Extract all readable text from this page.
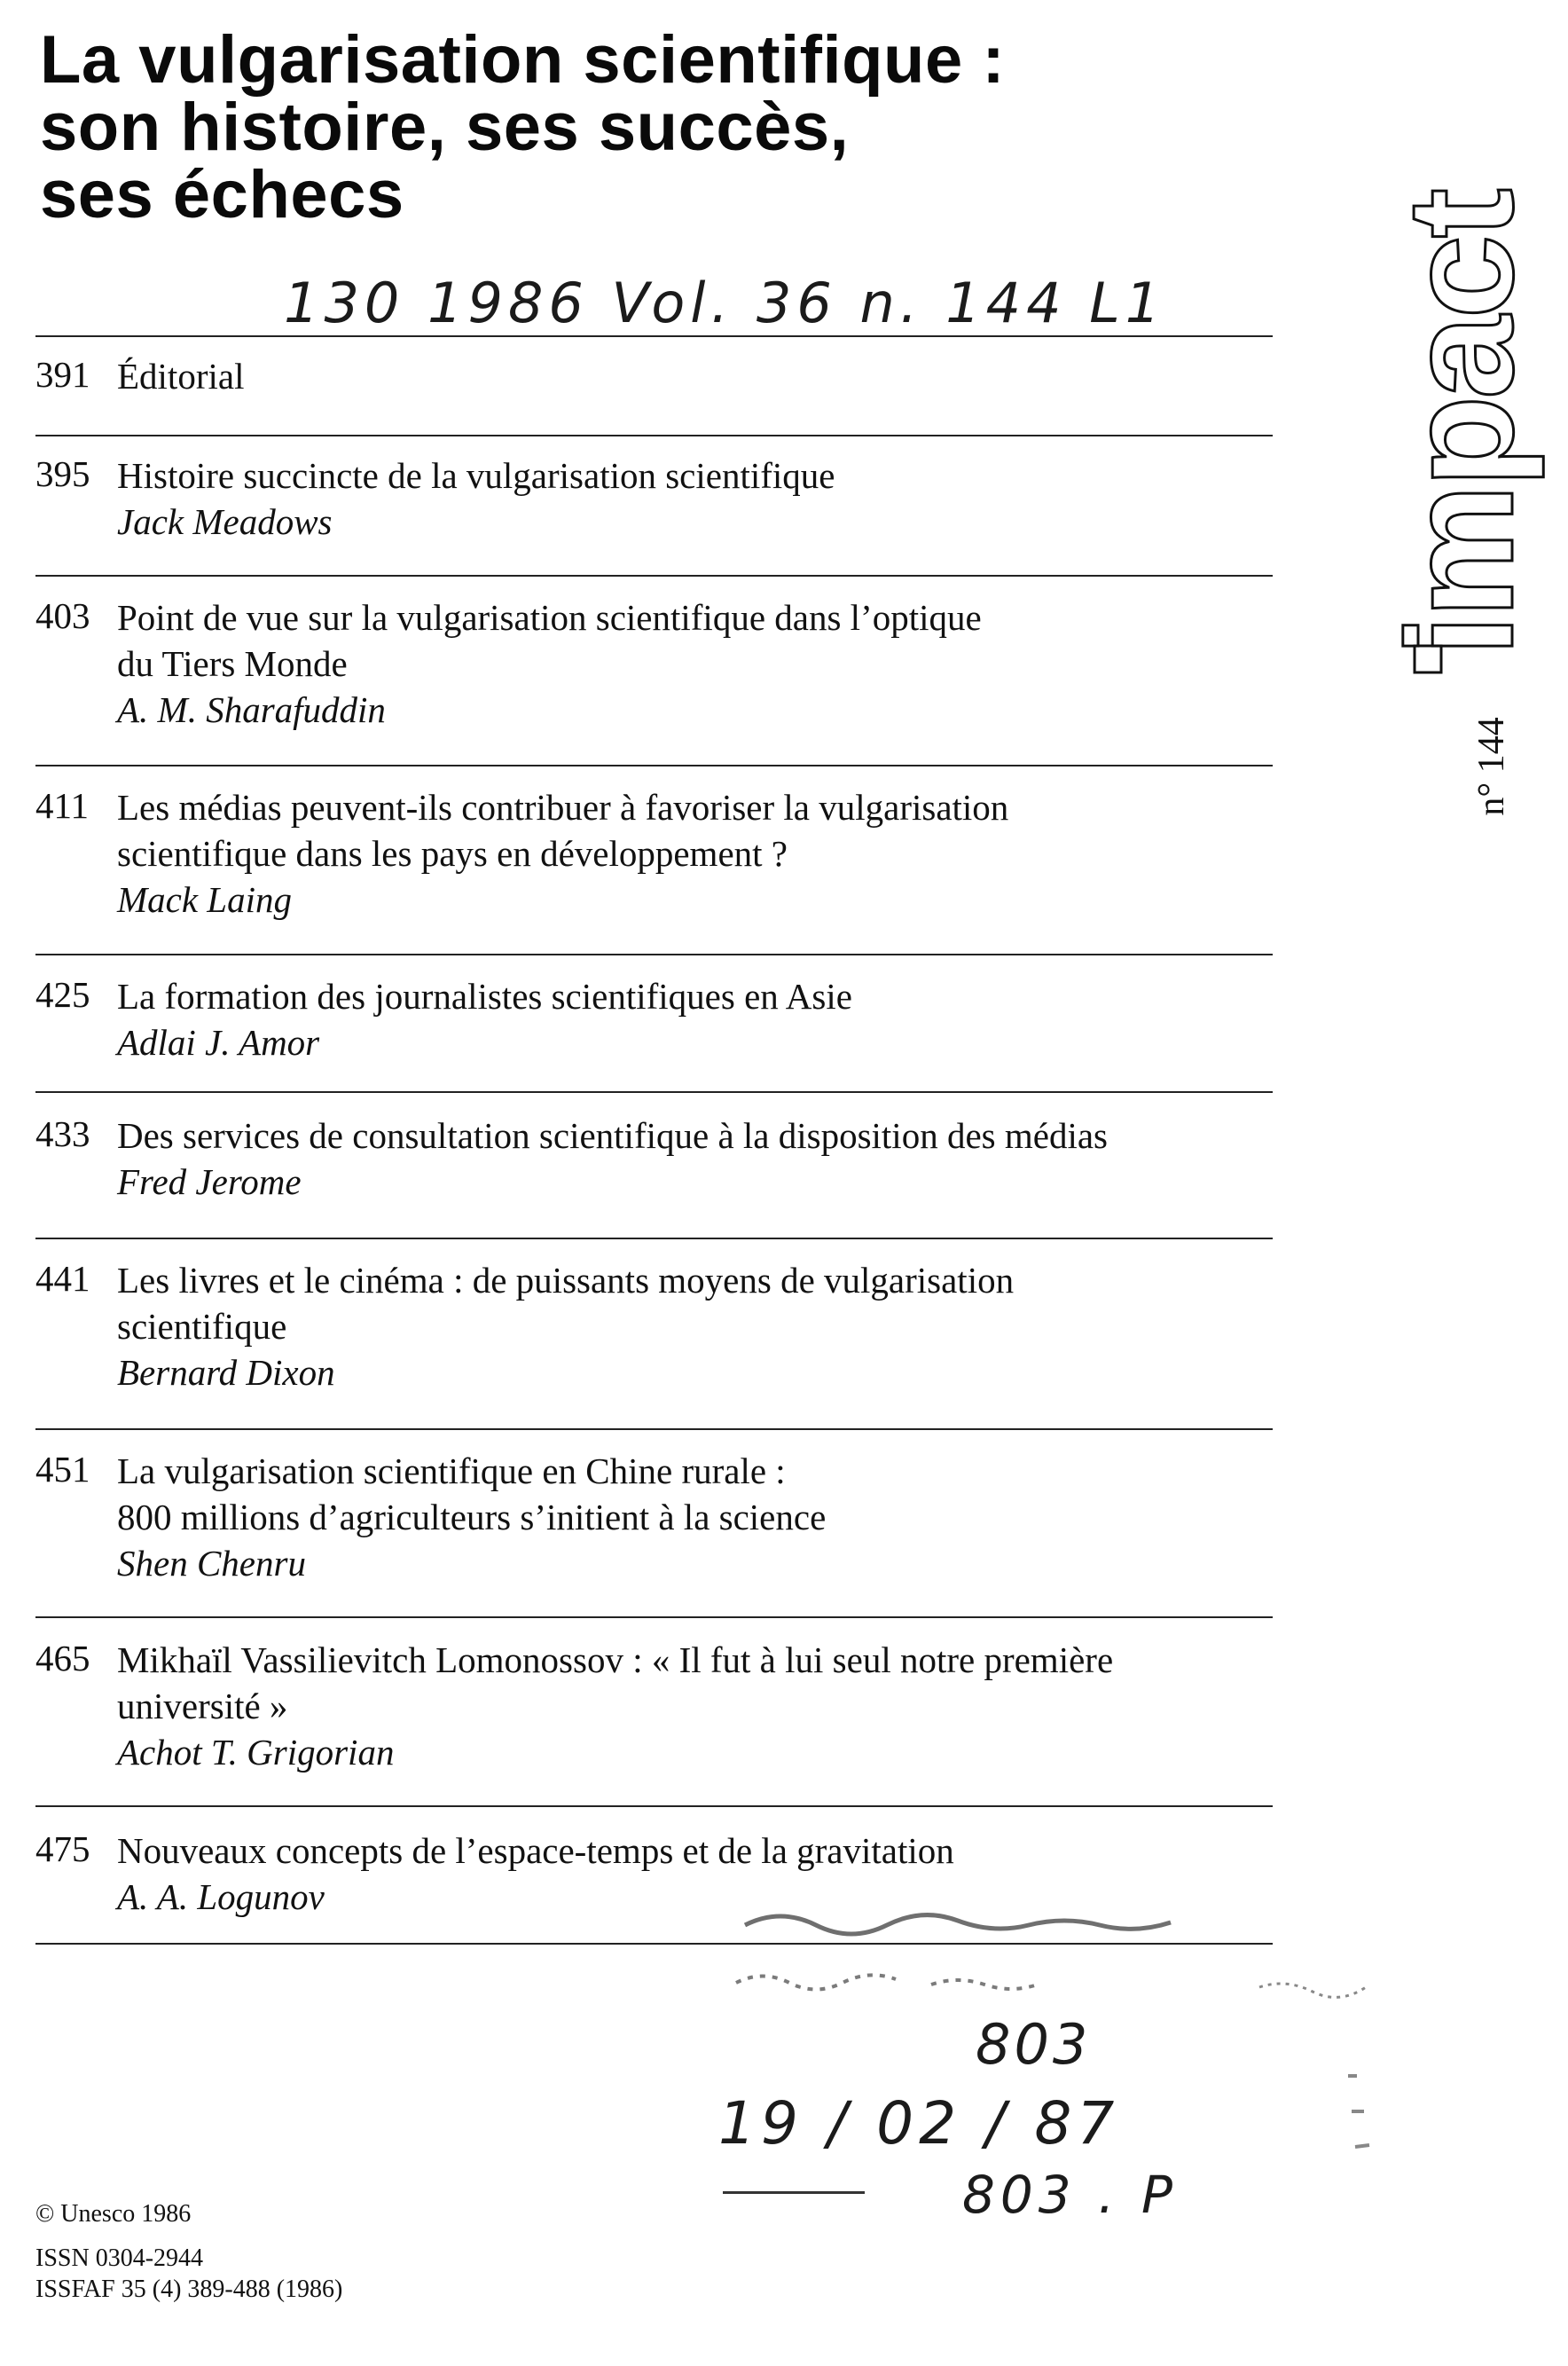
La vulgarisation scientifique :
son histoire, ses succès,
ses échecs
130 1986 Vol. 36 n. 144 L1 impact
n° 144
391 Éditorial
395 Histoire succincte de la vulgarisation scientifique
Jack Meadows
403 Point de vue sur la vulgarisation scientifique dans l’optique
du Tiers Monde
A. M. Sharafuddin
411 Les médias peuvent-ils contribuer à favoriser la vulgarisation
scientifique dans les pays en développement ?
Mack Laing
425 La formation des journalistes scientifiques en Asie
Adlai J. Amor
433 Des services de consultation scientifique à la disposition des médias
Fred Jerome
441 Les livres et le cinéma : de puissants moyens de vulgarisation
scientifique
Bernard Dixon
451 La vulgarisation scientifique en Chine rurale :
800 millions d’agriculteurs s’initient à la science
Shen Chenru
465 Mikhaïl Vassilievitch Lomonossov : « Il fut à lui seul notre première
université »
Achot T. Grigorian
475 Nouveaux concepts de l’espace-temps et de la gravitation
A. A. Logunov
803
19 / 02 / 87
803 . P
© Unesco 1986
ISSN 0304-2944
ISSFAF 35 (4) 389-488 (1986)
